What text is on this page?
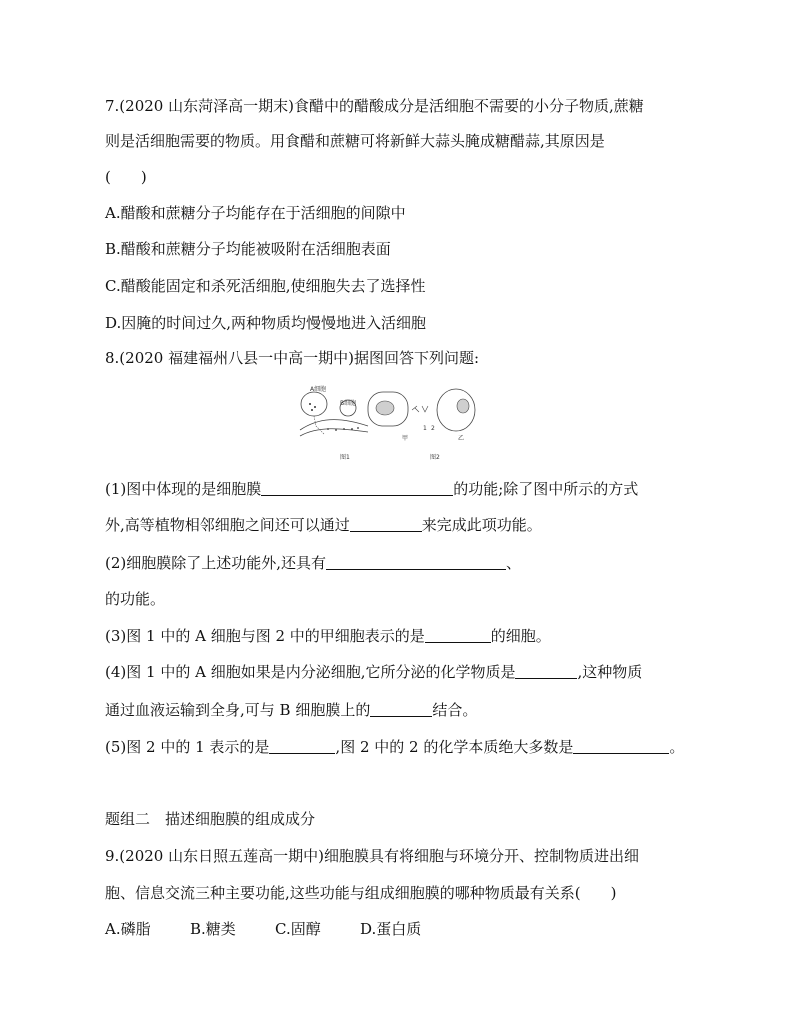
7.(2020 山东菏泽高一期末)食醋中的醋酸成分是活细胞不需要的小分子物质,蔗糖
则是活细胞需要的物质。用食醋和蔗糖可将新鲜大蒜头腌成糖醋蒜,其原因是
(　　)
A.醋酸和蔗糖分子均能存在于活细胞的间隙中
B.醋酸和蔗糖分子均能被吸附在活细胞表面
C.醋酸能固定和杀死活细胞,使细胞失去了选择性
D.因腌的时间过久,两种物质均慢慢地进入活细胞
8.(2020 福建福州八县一中高一期中)据图回答下列问题:
A细胞
B细胞
图1
甲
1 2
乙
图2
(1)图中体现的是细胞膜	的功能;除了图中所示的方式
外,高等植物相邻细胞之间还可以通过	来完成此项功能。
(2)细胞膜除了上述功能外,还具有	、
的功能。
(3)图 1 中的 A 细胞与图 2 中的甲细胞表示的是	的细胞。
(4)图 1 中的 A 细胞如果是内分泌细胞,它所分泌的化学物质是	,这种物质
通过血液运输到全身,可与 B 细胞膜上的	结合。
(5)图 2 中的 1 表示的是	,图 2 中的 2 的化学本质绝大多数是	。
题组二　描述细胞膜的组成成分
9.(2020 山东日照五莲高一期中)细胞膜具有将细胞与环境分开、控制物质进出细
胞、信息交流三种主要功能,这些功能与组成细胞膜的哪种物质最有关系(　　)
A.磷脂	B.糖类	C.固醇	D.蛋白质
